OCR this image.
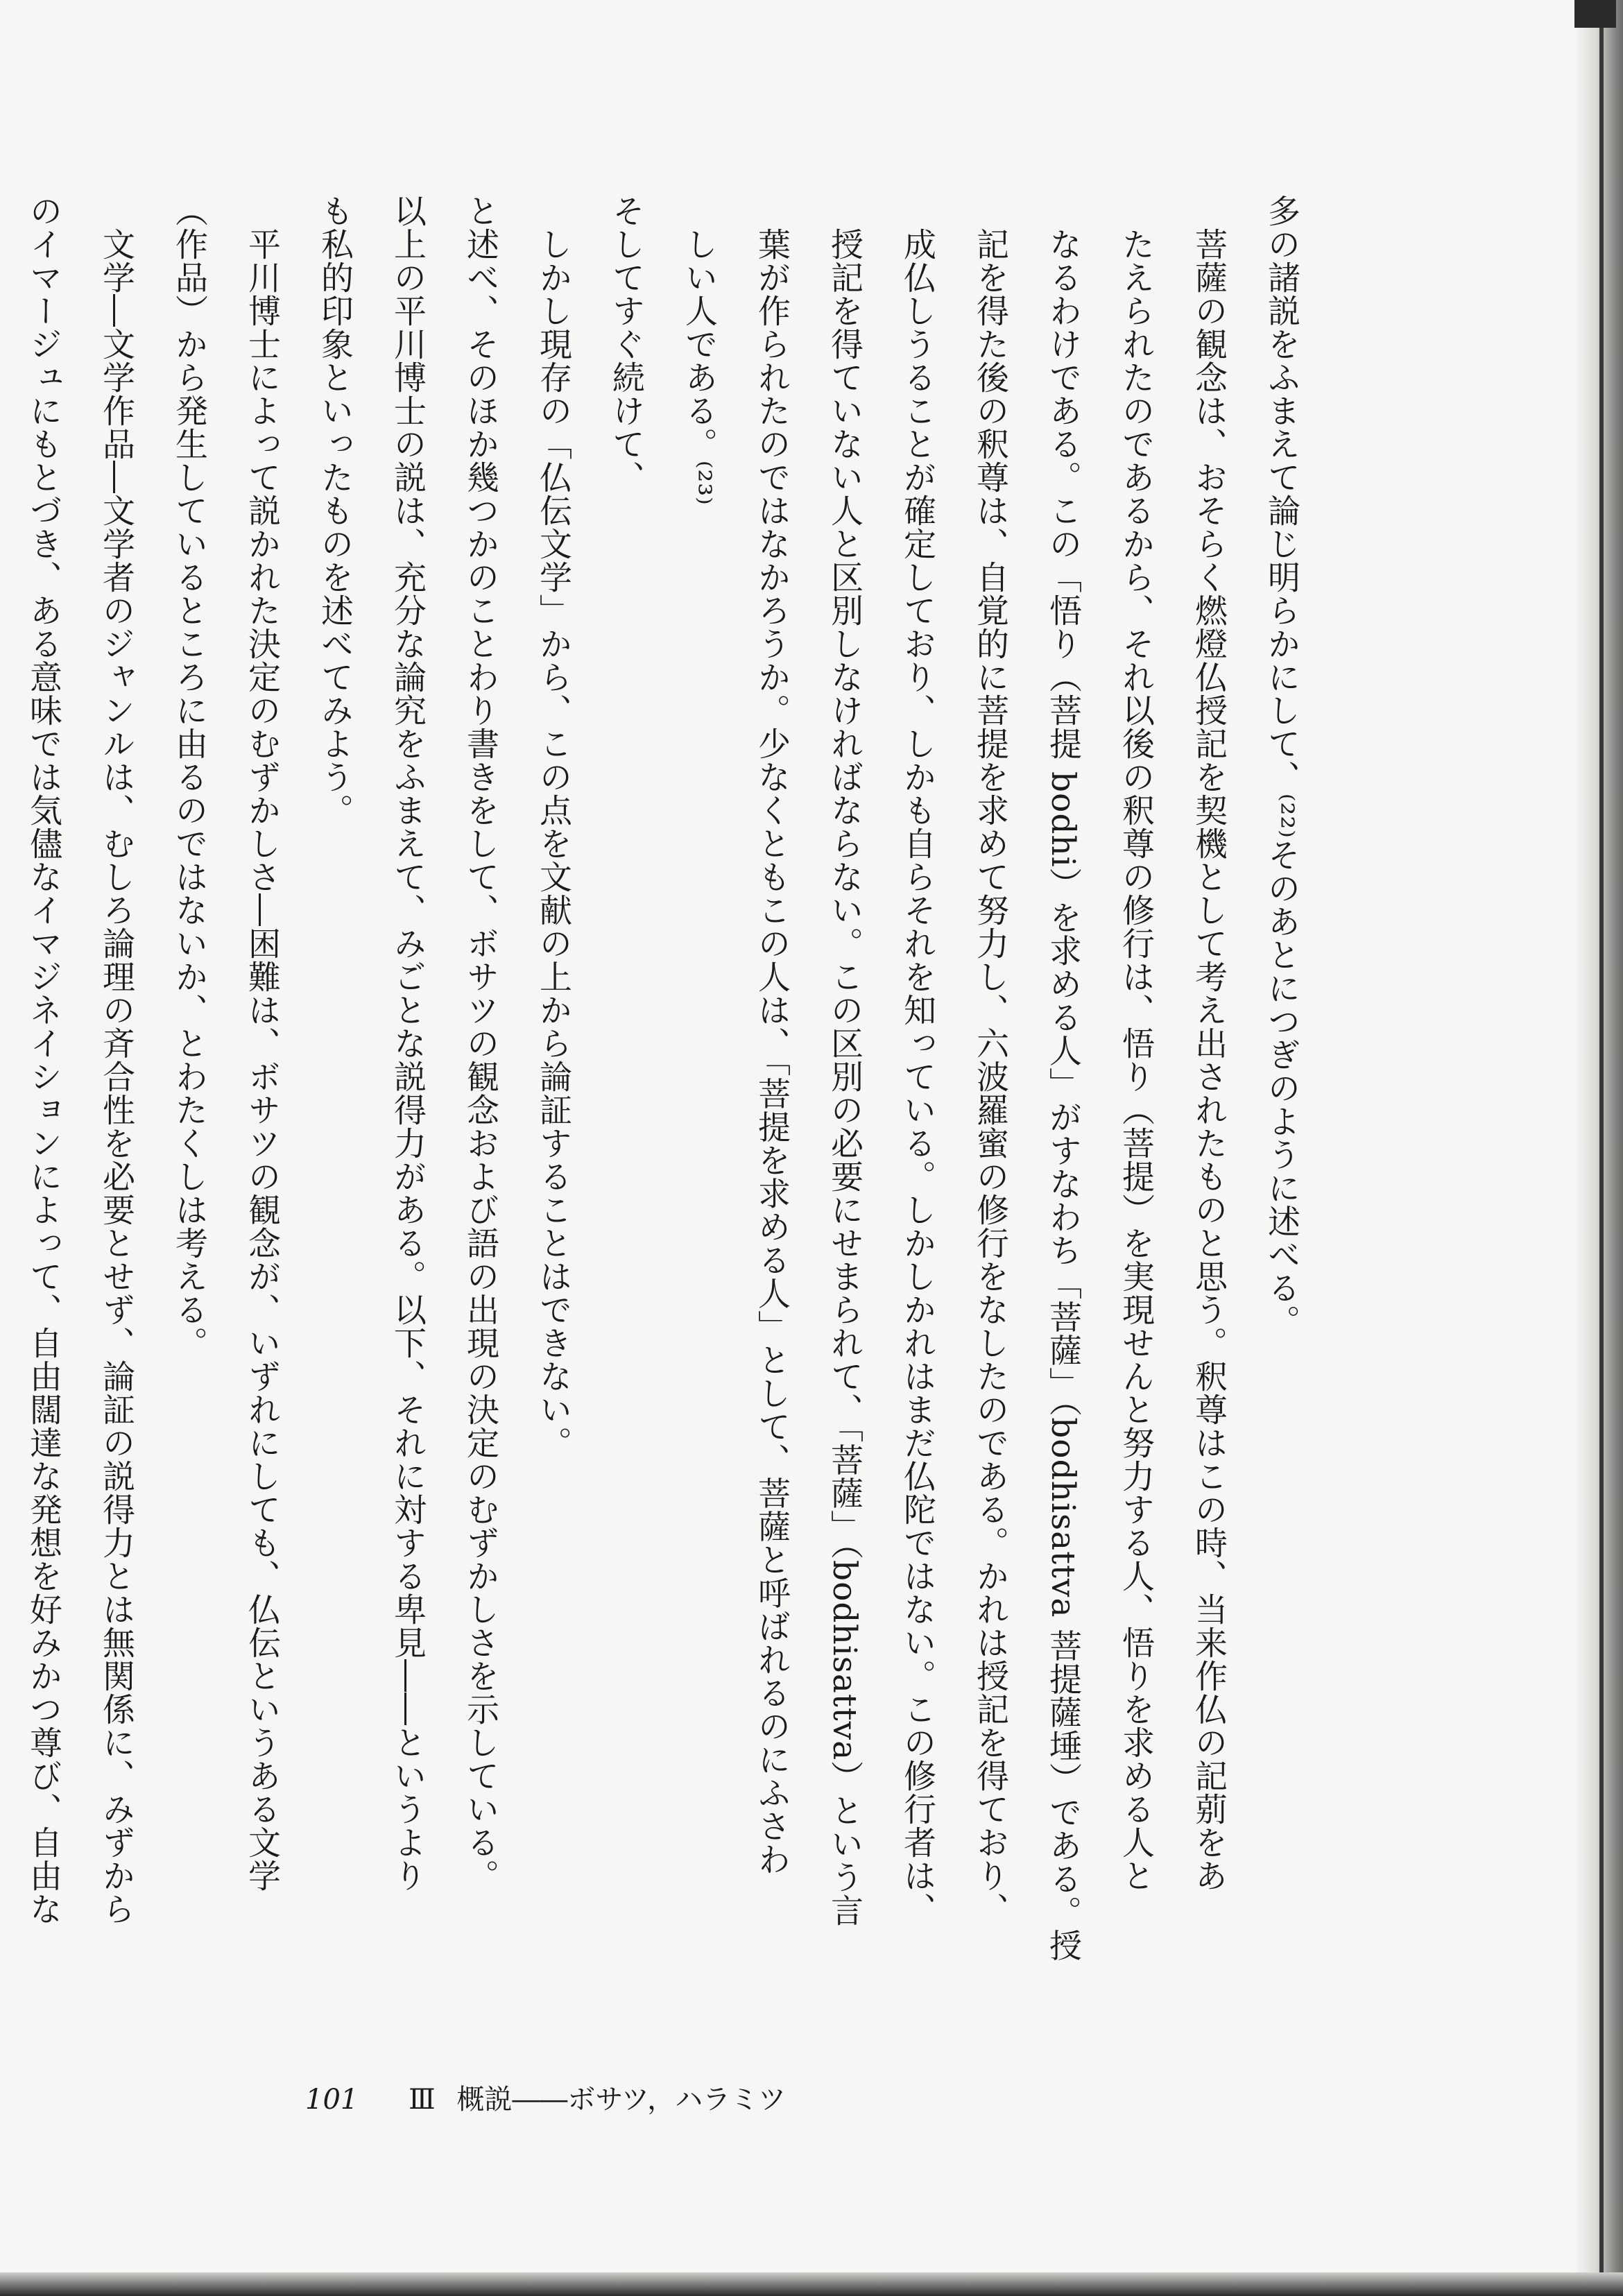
多の諸説をふまえて論じ明らかにして、⁽²²⁾そのあとにつぎのように述べる。

　菩薩の観念は、おそらく燃燈仏授記を契機として考え出されたものと思う。釈尊はこの時、当来作仏の記莂をあ

　たえられたのであるから、それ以後の釈尊の修行は、悟り（菩提）を実現せんと努力する人、悟りを求める人と

　なるわけである。この「悟り（菩提 bodhi）を求める人」がすなわち「菩薩」（bodhisattva 菩提薩埵）である。授

　記を得た後の釈尊は、自覚的に菩提を求めて努力し、六波羅蜜の修行をなしたのである。かれは授記を得ており、

　成仏しうることが確定しており、しかも自らそれを知っている。しかしかれはまだ仏陀ではない。この修行者は、

　授記を得ていない人と区別しなければならない。この区別の必要にせまられて、「菩薩」（bodhisattva）という言

　葉が作られたのではなかろうか。少なくともこの人は、「菩提を求める人」として、菩薩と呼ばれるのにふさわ

　しい人である。⁽²³⁾

そしてすぐ続けて、

　しかし現存の「仏伝文学」から、この点を文献の上から論証することはできない。

と述べ、そのほか幾つかのことわり書きをして、ボサツの観念および語の出現の決定のむずかしさを示している。

以上の平川博士の説は、充分な論究をふまえて、みごとな説得力がある。以下、それに対する卑見――というより

も私的印象といったものを述べてみよう。

　平川博士によって説かれた決定のむずかしさ―困難は、ボサツの観念が、いずれにしても、仏伝というある文学

（作品）から発生しているところに由るのではないか、とわたくしは考える。

　文学―文学作品―文学者のジャンルは、むしろ論理の斉合性を必要とせず、論証の説得力とは無関係に、みずから

のイマージュにもとづき、ある意味では気儘なイマジネイションによって、自由闊達な発想を好みかつ尊び、自由な

101 Ⅲ 概説――ボサツ，ハラミツ
